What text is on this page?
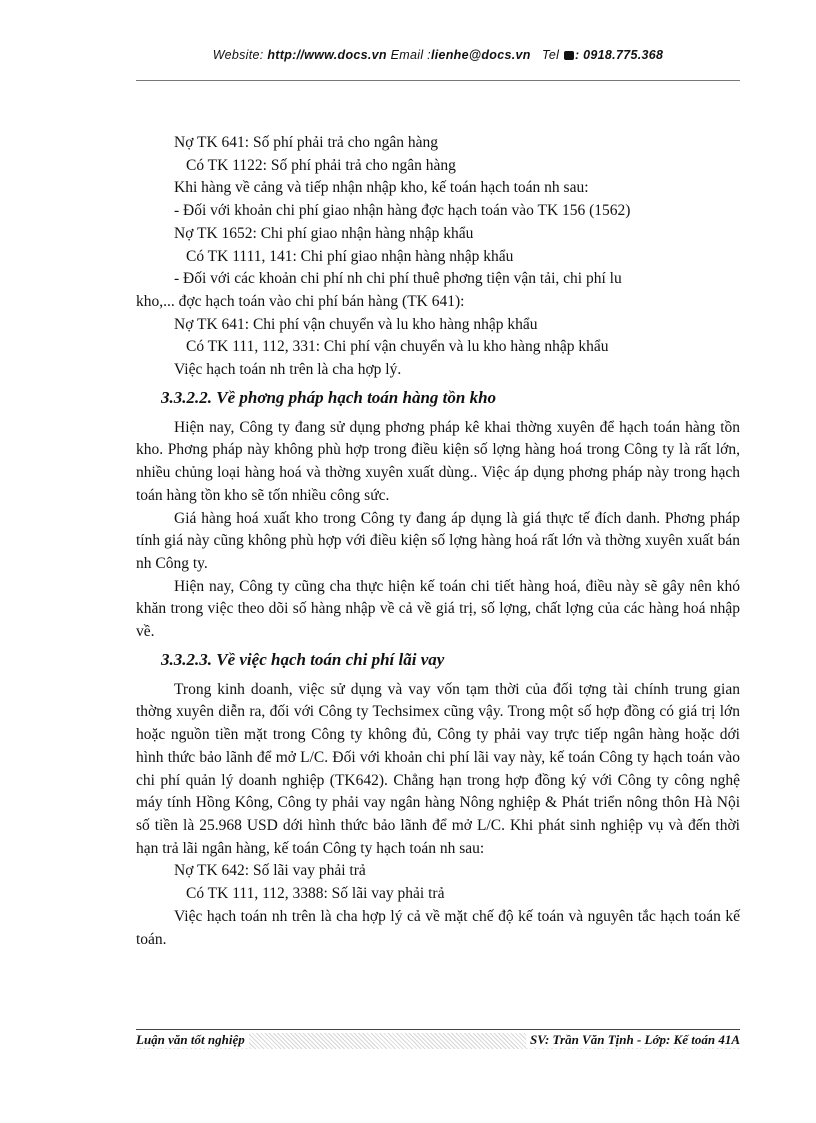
Website: http://www.docs.vn Email :lienhe@docs.vn Tel : 0918.775.368
Nợ TK 641: Số phí phải trả cho ngân hàng
Có TK 1122: Số phí phải trả cho ngân hàng
Khi hàng về cảng và tiếp nhận nhập kho, kế toán hạch toán nh sau:
- Đối với khoản chi phí giao nhận hàng đợc hạch toán vào TK 156 (1562)
Nợ TK 1652: Chi phí giao nhận hàng nhập khẩu
Có TK 1111, 141: Chi phí giao nhận hàng nhập khẩu
- Đối với các khoản chi phí nh chi phí thuê phơng tiện vận tải, chi phí lu
kho,... đợc hạch toán vào chi phí bán hàng (TK 641):
Nợ TK 641: Chi phí vận chuyển và lu kho hàng nhập khẩu
Có TK 111, 112, 331: Chi phí vận chuyển và lu kho hàng nhập khẩu
Việc hạch toán nh trên là cha hợp lý.
3.3.2.2. Về phơng pháp hạch toán hàng tồn kho
Hiện nay, Công ty đang sử dụng phơng pháp kê khai thờng xuyên để hạch toán hàng tồn kho. Phơng pháp này không phù hợp trong điều kiện số lợng hàng hoá trong Công ty là rất lớn, nhiều chủng loại hàng hoá và thờng xuyên xuất dùng.. Việc áp dụng phơng pháp này trong hạch toán hàng tồn kho sẽ tốn nhiều công sức.
Giá hàng hoá xuất kho trong Công ty đang áp dụng là giá thực tế đích danh. Phơng pháp tính giá này cũng không phù hợp với điều kiện số lợng hàng hoá rất lớn và thờng xuyên xuất bán nh Công ty.
Hiện nay, Công ty cũng cha thực hiện kế toán chi tiết hàng hoá, điều này sẽ gây nên khó khăn trong việc theo dõi số hàng nhập về cả về giá trị, số lợng, chất lợng của các hàng hoá nhập về.
3.3.2.3. Về việc hạch toán chi phí lãi vay
Trong kinh doanh, việc sử dụng và vay vốn tạm thời của đối tợng tài chính trung gian thờng xuyên diễn ra, đối với Công ty Techsimex cũng vậy. Trong một số hợp đồng có giá trị lớn hoặc nguồn tiền mặt trong Công ty không đủ, Công ty phải vay trực tiếp ngân hàng hoặc dới hình thức bảo lãnh để mở L/C. Đối với khoản chi phí lãi vay này, kế toán Công ty hạch toán vào chi phí quản lý doanh nghiệp (TK642). Chẳng hạn trong hợp đồng ký với Công ty công nghệ máy tính Hồng Kông, Công ty phải vay ngân hàng Nông nghiệp & Phát triển nông thôn Hà Nội số tiền là 25.968 USD dới hình thức bảo lãnh để mở L/C. Khi phát sinh nghiệp vụ và đến thời hạn trả lãi ngân hàng, kế toán Công ty hạch toán nh sau:
Nợ TK 642: Số lãi vay phải trả
Có TK 111, 112, 3388: Số lãi vay phải trả
Việc hạch toán nh trên là cha hợp lý cả về mặt chế độ kế toán và nguyên tắc hạch toán kế toán.
Luận văn tốt nghiệp	SV: Trần Văn Tịnh - Lớp: Kế toán 41A
